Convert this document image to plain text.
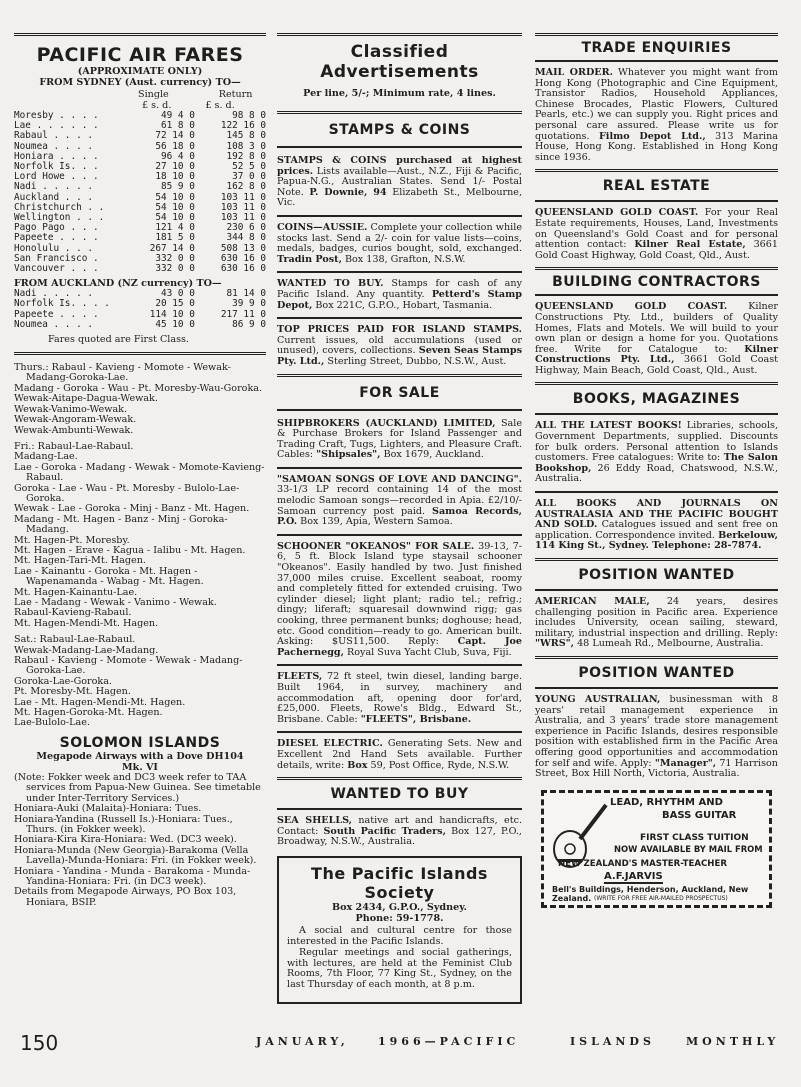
PACIFIC AIR FARES
(APPROXIMATE ONLY)
FROM SYDNEY (Aust. currency) TO—
Single	Return
£ s. d.	£ s. d.
Moresby . . . .	49 4 0	98 8 0
Lae . . . . . .	61 8 0	122 16 0
Rabaul . . . .	72 14 0	145 8 0
Noumea . . . .	56 18 0	108 3 0
Honiara . . . .	96 4 0	192 8 0
Norfolk Is. . .	27 10 0	52 5 0
Lord Howe . . .	18 10 0	37 0 0
Nadi . . . . .	85 9 0	162 8 0
Auckland . . .	54 10 0	103 11 0
Christchurch . .	54 10 0	103 11 0
Wellington . . .	54 10 0	103 11 0
Pago Pago . . .	121 4 0	230 6 0
Papeete . . . .	181 5 0	344 8 0
Honolulu . . .	267 14 0	508 13 0
San Francisco .	332 0 0	630 16 0
Vancouver . . .	332 0 0	630 16 0
FROM AUCKLAND (NZ currency) TO—
Nadi . . . . .	43 0 0	81 14 0
Norfolk Is. . . .	20 15 0	39 9 0
Papeete . . . .	114 10 0	217 11 0
Noumea . . . .	45 10 0	86 9 0
Fares quoted are First Class.
Thurs.: Rabaul - Kavieng - Momote - Wewak-Madang-Goroka-Lae.
Madang - Goroka - Wau - Pt. Moresby-Wau-Goroka.
Wewak-Aitape-Dagua-Wewak.
Wewak-Vanimo-Wewak.
Wewak-Angoram-Wewak.
Wewak-Ambunti-Wewak.
Fri.: Rabaul-Lae-Rabaul.
Madang-Lae.
Lae - Goroka - Madang - Wewak - Momote-Kavieng-Rabaul.
Goroka - Lae - Wau - Pt. Moresby - Bulolo-Lae-Goroka.
Wewak - Lae - Goroka - Minj - Banz - Mt. Hagen.
Madang - Mt. Hagen - Banz - Minj - Goroka-Madang.
Mt. Hagen-Pt. Moresby.
Mt. Hagen - Erave - Kagua - Ialibu - Mt. Hagen.
Mt. Hagen-Tari-Mt. Hagen.
Lae - Kainantu - Goroka - Mt. Hagen - Wapenamanda - Wabag - Mt. Hagen.
Mt. Hagen-Kainantu-Lae.
Lae - Madang - Wewak - Vanimo - Wewak.
Rabaul-Kavieng-Rabaul.
Mt. Hagen-Mendi-Mt. Hagen.
Sat.: Rabaul-Lae-Rabaul.
Wewak-Madang-Lae-Madang.
Rabaul - Kavieng - Momote - Wewak - Madang-Goroka-Lae.
Goroka-Lae-Goroka.
Pt. Moresby-Mt. Hagen.
Lae - Mt. Hagen-Mendi-Mt. Hagen.
Mt. Hagen-Goroka-Mt. Hagen.
Lae-Bulolo-Lae.
SOLOMON ISLANDS
Megapode Airways with a Dove DH104 Mk. VI
(Note: Fokker week and DC3 week refer to TAA services from Papua-New Guinea. See timetable under Inter-Territory Services.)
Honiara-Auki (Malaita)-Honiara: Tues.
Honiara-Yandina (Russell Is.)-Honiara: Tues., Thurs. (in Fokker week).
Honiara-Kira Kira-Honiara: Wed. (DC3 week).
Honiara-Munda (New Georgia)-Barakoma (Vella Lavella)-Munda-Honiara: Fri. (in Fokker week).
Honiara - Yandina - Munda - Barakoma - Munda-Yandina-Honiara: Fri. (in DC3 week).
Details from Megapode Airways, PO Box 103, Honiara, BSIP.
Classified Advertisements
Per line, 5/-; Minimum rate, 4 lines.
STAMPS & COINS

STAMPS & COINS purchased at highest prices. Lists available—Aust., N.Z., Fiji & Pacific, Papua-N.G., Australian States. Send 1/- Postal Note. P. Downie, 94 Elizabeth St., Melbourne, Vic.

COINS—AUSSIE. Complete your collection while stocks last. Send a 2/- coin for value lists—coins, medals, badges, curios bought, sold, exchanged. Tradin Post, Box 138, Grafton, N.S.W.

WANTED TO BUY. Stamps for cash of any Pacific Island. Any quantity. Petterd's Stamp Depot, Box 221C, G.P.O., Hobart, Tasmania.

TOP PRICES PAID FOR ISLAND STAMPS. Current issues, old accumulations (used or unused), covers, collections. Seven Seas Stamps Pty. Ltd., Sterling Street, Dubbo, N.S.W., Aust.

FOR SALE

SHIPBROKERS (AUCKLAND) LIMITED, Sale & Purchase Brokers for Island Passenger and Trading Craft, Tugs, Lighters, and Pleasure Craft. Cables: "Shipsales", Box 1679, Auckland.

"SAMOAN SONGS OF LOVE AND DANCING". 33-1/3 LP record containing 14 of the most melodic Samoan songs—recorded in Apia. £2/10/- Samoan currency post paid. Samoa Records, P.O. Box 139, Apia, Western Samoa.

SCHOONER "OKEANOS" FOR SALE. 39-13, 7-6, 5 ft. Block Island type staysail schooner "Okeanos". Easily handled by two. Just finished 37,000 miles cruise. Excellent seaboat, roomy and completely fitted for extended cruising. Two cylinder diesel; light plant; radio tel.; refrig.; dingy; liferaft; squaresail downwind rigg; gas cooking, three permanent bunks; doghouse; head, etc. Good condition—ready to go. American built. Asking: $US11,500. Reply: Capt. Joe Pachernegg, Royal Suva Yacht Club, Suva, Fiji.

FLEETS, 72 ft steel, twin diesel, landing barge. Built 1964, in survey, machinery and accommodation aft, opening door for'ard, £25,000. Fleets, Rowe's Bldg., Edward St., Brisbane. Cable: "FLEETS", Brisbane.

DIESEL ELECTRIC. Generating Sets. New and Excellent 2nd Hand Sets available. Further details, write: Box 59, Post Office, Ryde, N.S.W.

WANTED TO BUY

SEA SHELLS, native art and handicrafts, etc. Contact: South Pacific Traders, Box 127, P.O., Broadway, N.S.W., Australia.

The Pacific Islands Society
Box 2434, G.P.O., Sydney.
Phone: 59-1778.

A social and cultural centre for those interested in the Pacific Islands.

Regular meetings and social gatherings, with lectures, are held at the Feminist Club Rooms, 7th Floor, 77 King St., Sydney, on the last Thursday of each month, at 8 p.m.

TRADE ENQUIRIES

MAIL ORDER. Whatever you might want from Hong Kong (Photographic and Cine Equipment, Transistor Radios, Household Appliances, Chinese Brocades, Plastic Flowers, Cultured Pearls, etc.) we can supply you. Right prices and personal care assured. Please write us for quotations. Filmo Depot Ltd., 313 Marina House, Hong Kong. Established in Hong Kong since 1936.

REAL ESTATE

QUEENSLAND GOLD COAST. For your Real Estate requirements, Houses, Land, Investments on Queensland's Gold Coast and for personal attention contact: Kilner Real Estate, 3661 Gold Coast Highway, Gold Coast, Qld., Aust.

BUILDING CONTRACTORS

QUEENSLAND GOLD COAST. Kilner Constructions Pty. Ltd., builders of Quality Homes, Flats and Motels. We will build to your own plan or design a home for you. Quotations free. Write for Catalogue to: Kilner Constructions Pty. Ltd., 3661 Gold Coast Highway, Main Beach, Gold Coast, Qld., Aust.

BOOKS, MAGAZINES

ALL THE LATEST BOOKS! Libraries, schools, Government Departments, supplied. Discounts for bulk orders. Personal attention to Islands customers. Free catalogues: Write to: The Salon Bookshop, 26 Eddy Road, Chatswood, N.S.W., Australia.

ALL BOOKS AND JOURNALS ON AUSTRALASIA AND THE PACIFIC BOUGHT AND SOLD. Catalogues issued and sent free on application. Correspondence invited. Berkelouw, 114 King St., Sydney. Telephone: 28-7874.

POSITION WANTED

AMERICAN MALE, 24 years, desires challenging position in Pacific area. Experience includes University, ocean sailing, steward, military, industrial inspection and drilling. Reply: "WRS", 48 Lumeah Rd., Melbourne, Australia.

POSITION WANTED

YOUNG AUSTRALIAN, businessman with 8 years' retail management experience in Australia, and 3 years' trade store management experience in Pacific Islands, desires responsible position with established firm in the Pacific Area offering good opportunities and accommodation for self and wife. Apply: "Manager", 71 Harrison Street, Box Hill North, Victoria, Australia.

LEAD, RHYTHM AND
BASS GUITAR
FIRST CLASS TUITION
NOW AVAILABLE BY MAIL FROM
NEW ZEALAND'S MASTER-TEACHER
A.F.JARVIS
Bell's Buildings, Henderson, Auckland, New Zealand. (WRITE FOR FREE AIR-MAILED PROSPECTUS)
150	JANUARY,	1966—PACIFIC	ISLANDS	MONTHLY
